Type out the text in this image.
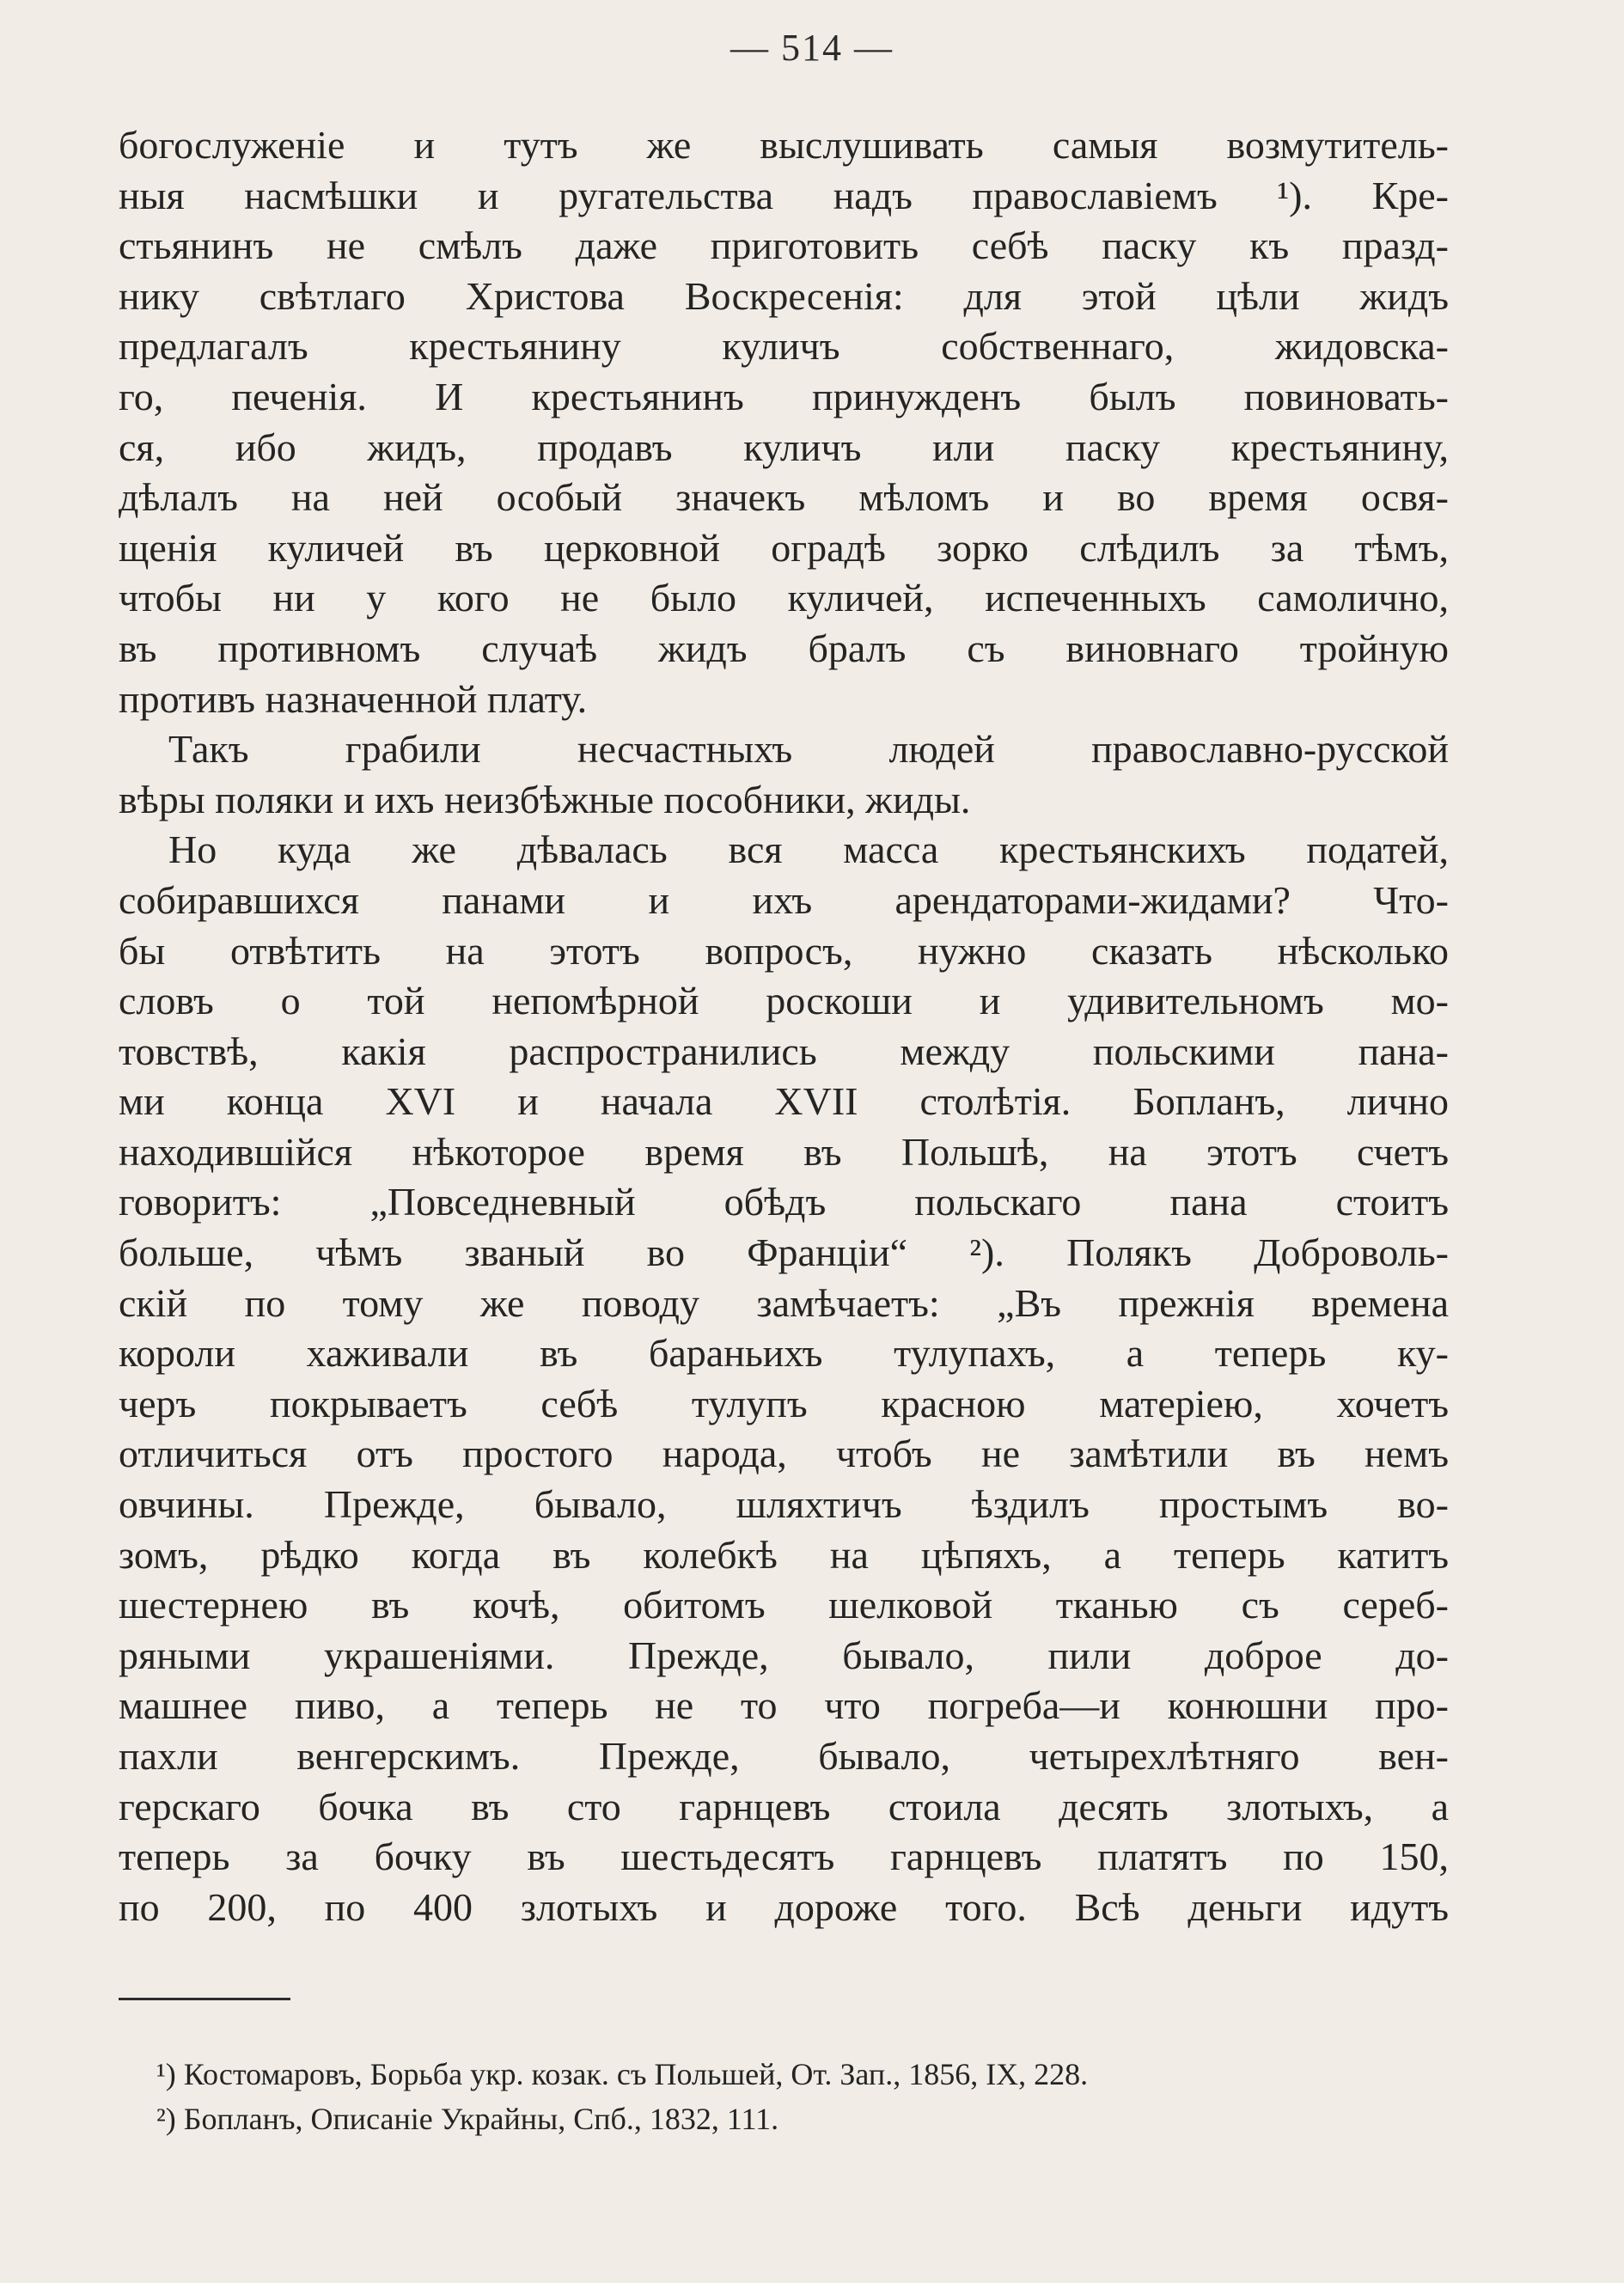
— 514 —
богослуженіе и тутъ же выслушивать самыя возмутитель-
ныя насмѣшки и ругательства надъ православіемъ ¹). Кре-
стьянинъ не смѣлъ даже приготовить себѣ паску къ празд-
нику свѣтлаго Христова Воскресенія: для этой цѣли жидъ
предлагалъ крестьянину куличъ собственнаго, жидовска-
го, печенія. И крестьянинъ принужденъ былъ повиновать-
ся, ибо жидъ, продавъ куличъ или паску крестьянину,
дѣлалъ на ней особый значекъ мѣломъ и во время освя-
щенія куличей въ церковной оградѣ зорко слѣдилъ за тѣмъ,
чтобы ни у кого не было куличей, испеченныхъ самолично,
въ противномъ случаѣ жидъ бралъ съ виновнаго тройную
противъ назначенной плату.
Такъ грабили несчастныхъ людей православно-русской
вѣры поляки и ихъ неизбѣжные пособники, жиды.
Но куда же дѣвалась вся масса крестьянскихъ податей,
собиравшихся панами и ихъ арендаторами-жидами? Что-
бы отвѣтить на этотъ вопросъ, нужно сказать нѣсколько
словъ о той непомѣрной роскоши и удивительномъ мо-
товствѣ, какія распространились между польскими пана-
ми конца XVI и начала XVII столѣтія. Бопланъ, лично
находившійся нѣкоторое время въ Польшѣ, на этотъ счетъ
говоритъ: „Повседневный обѣдъ польскаго пана стоитъ
больше, чѣмъ званый во Франціи“ ²). Полякъ Доброволь-
скій по тому же поводу замѣчаетъ: „Въ прежнія времена
короли хаживали въ бараньихъ тулупахъ, а теперь ку-
черъ покрываетъ себѣ тулупъ красною матеріею, хочетъ
отличиться отъ простого народа, чтобъ не замѣтили въ немъ
овчины. Прежде, бывало, шляхтичъ ѣздилъ простымъ во-
зомъ, рѣдко когда въ колебкѣ на цѣпяхъ, а теперь катитъ
шестернею въ кочѣ, обитомъ шелковой тканью съ сереб-
ряными украшеніями. Прежде, бывало, пили доброе до-
машнее пиво, а теперь не то что погреба—и конюшни про-
пахли венгерскимъ. Прежде, бывало, четырехлѣтняго вен-
герскаго бочка въ сто гарнцевъ стоила десять злотыхъ, а
теперь за бочку въ шестьдесятъ гарнцевъ платятъ по 150,
по 200, по 400 злотыхъ и дороже того. Всѣ деньги идутъ
¹) Костомаровъ, Борьба укр. козак. съ Польшей, От. Зап., 1856, IX, 228.
²) Бопланъ, Описаніе Украйны, Спб., 1832, 111.
